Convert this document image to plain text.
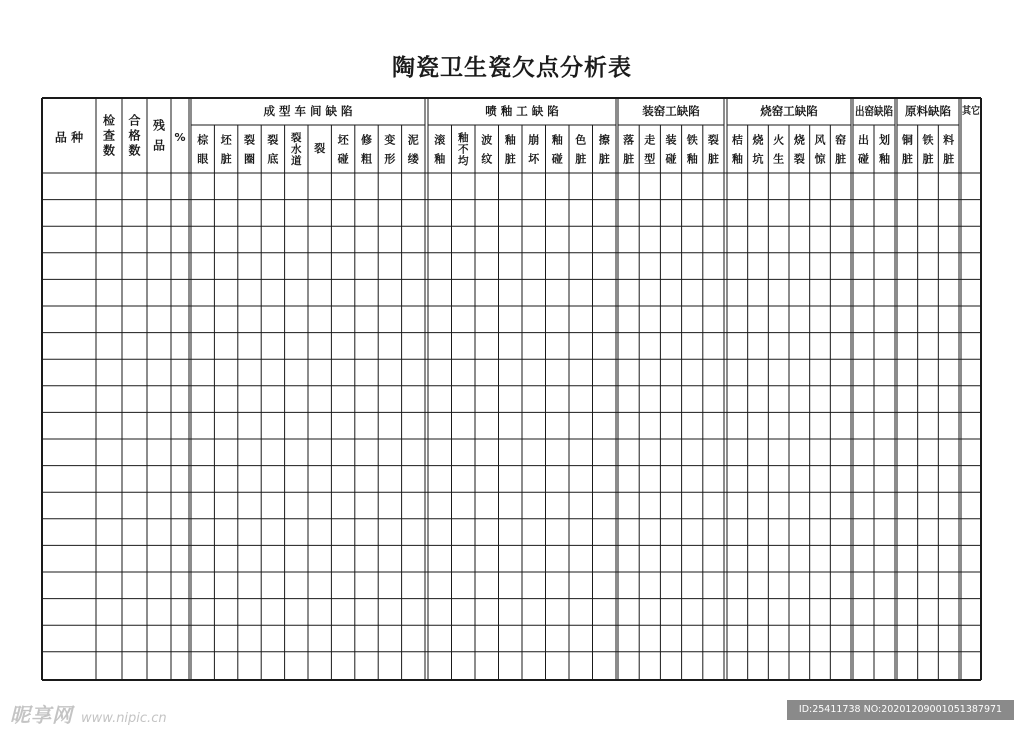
陶瓷卫生瓷欠点分析表
品 种
检查数
合格数
残品
%
成 型 车 间 缺 陷
棕眼
坯脏
裂圈
裂底
裂水道
裂
坯碰
修粗
变形
泥缕
喷 釉 工 缺 陷
滚釉
釉不均
波纹
釉脏
崩坏
釉碰
色脏
擦脏
装窑工缺陷
落脏
走型
装碰
铁釉
裂脏
烧窑工缺陷
桔釉
烧坑
火生
烧裂
风惊
窑脏
出窑缺陷
出碰
划釉
原料缺陷
铜脏
铁脏
料脏
其它
昵享网 www.nipic.cn
ID:25411738 NO:20201209001051387971
